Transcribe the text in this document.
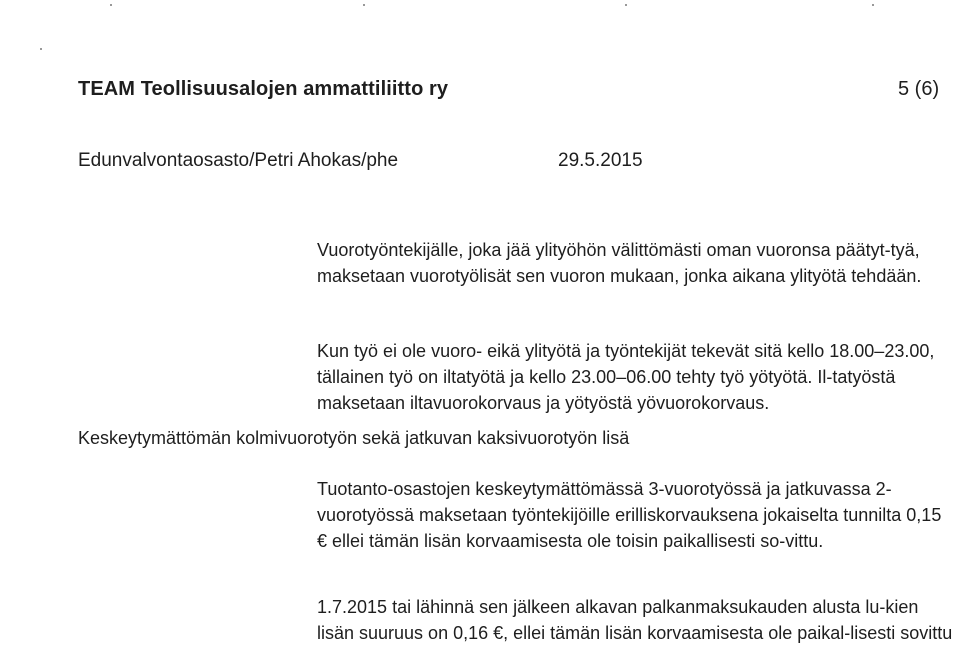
TEAM Teollisuusalojen ammattiliitto ry	5 (6)
Edunvalvontaosasto/Petri Ahokas/phe	29.5.2015

Vuorotyöntekijälle, joka jää ylityöhön välittömästi oman vuoronsa päätyt-tyä, maksetaan vuorotyölisät sen vuoron mukaan, jonka aikana ylityötä tehdään.

Kun työ ei ole vuoro- eikä ylityötä ja työntekijät tekevät sitä kello 18.00–23.00, tällainen työ on iltatyötä ja kello 23.00–06.00 tehty työ yötyötä. Il-tatyöstä maksetaan iltavuorokorvaus ja yötyöstä yövuorokorvaus.

Keskeytymättömän kolmivuorotyön sekä jatkuvan kaksivuorotyön lisä

Tuotanto-osastojen keskeytymättömässä 3-vuorotyössä ja jatkuvassa 2-vuorotyössä maksetaan työntekijöille erilliskorvauksena jokaiselta tunnilta 0,15 € ellei tämän lisän korvaamisesta ole toisin paikallisesti so-vittu.

1.7.2015 tai lähinnä sen jälkeen alkavan palkanmaksukauden alusta lu-kien lisän suuruus on 0,16 €, ellei tämän lisän korvaamisesta ole paikal-lisesti sovittu
